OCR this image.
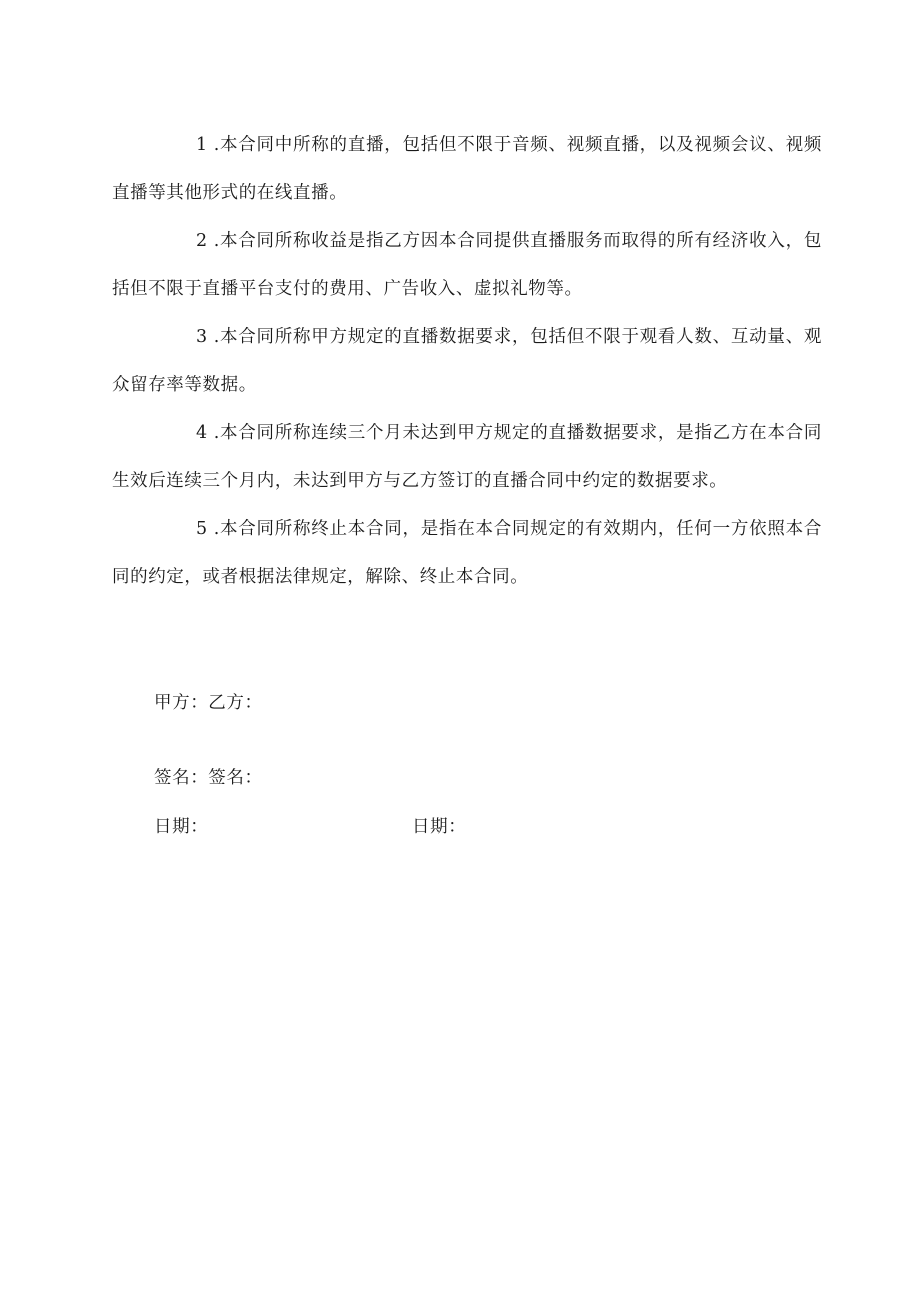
1 .本合同中所称的直播，包括但不限于音频、视频直播，以及视频会议、视频直播等其他形式的在线直播。

2 .本合同所称收益是指乙方因本合同提供直播服务而取得的所有经济收入，包括但不限于直播平台支付的费用、广告收入、虚拟礼物等。

3 .本合同所称甲方规定的直播数据要求，包括但不限于观看人数、互动量、观众留存率等数据。

4 .本合同所称连续三个月未达到甲方规定的直播数据要求，是指乙方在本合同生效后连续三个月内，未达到甲方与乙方签订的直播合同中约定的数据要求。

5 .本合同所称终止本合同，是指在本合同规定的有效期内，任何一方依照本合同的约定，或者根据法律规定，解除、终止本合同。

甲方：乙方：
签名：签名：
日期：	日期：
